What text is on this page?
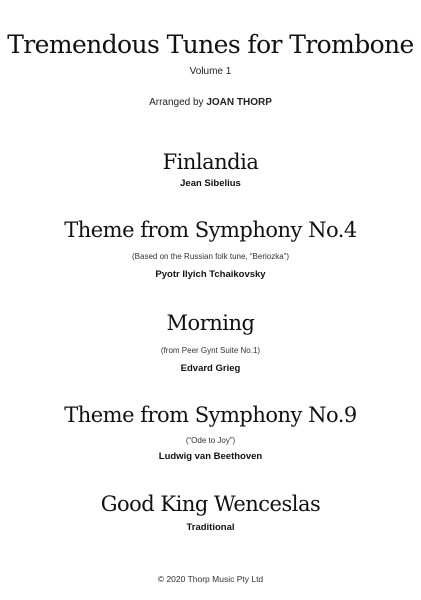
Tremendous Tunes for Trombone
Volume 1
Arranged by JOAN THORP
Finlandia
Jean Sibelius
Theme from Symphony No.4
(Based on the Russian folk tune, “Beriozka”)
Pyotr Ilyich Tchaikovsky
Morning
(from Peer Gynt Suite No.1)
Edvard Grieg
Theme from Symphony No.9
(“Ode to Joy”)
Ludwig van Beethoven
Good King Wenceslas
Traditional
© 2020 Thorp Music Pty Ltd
